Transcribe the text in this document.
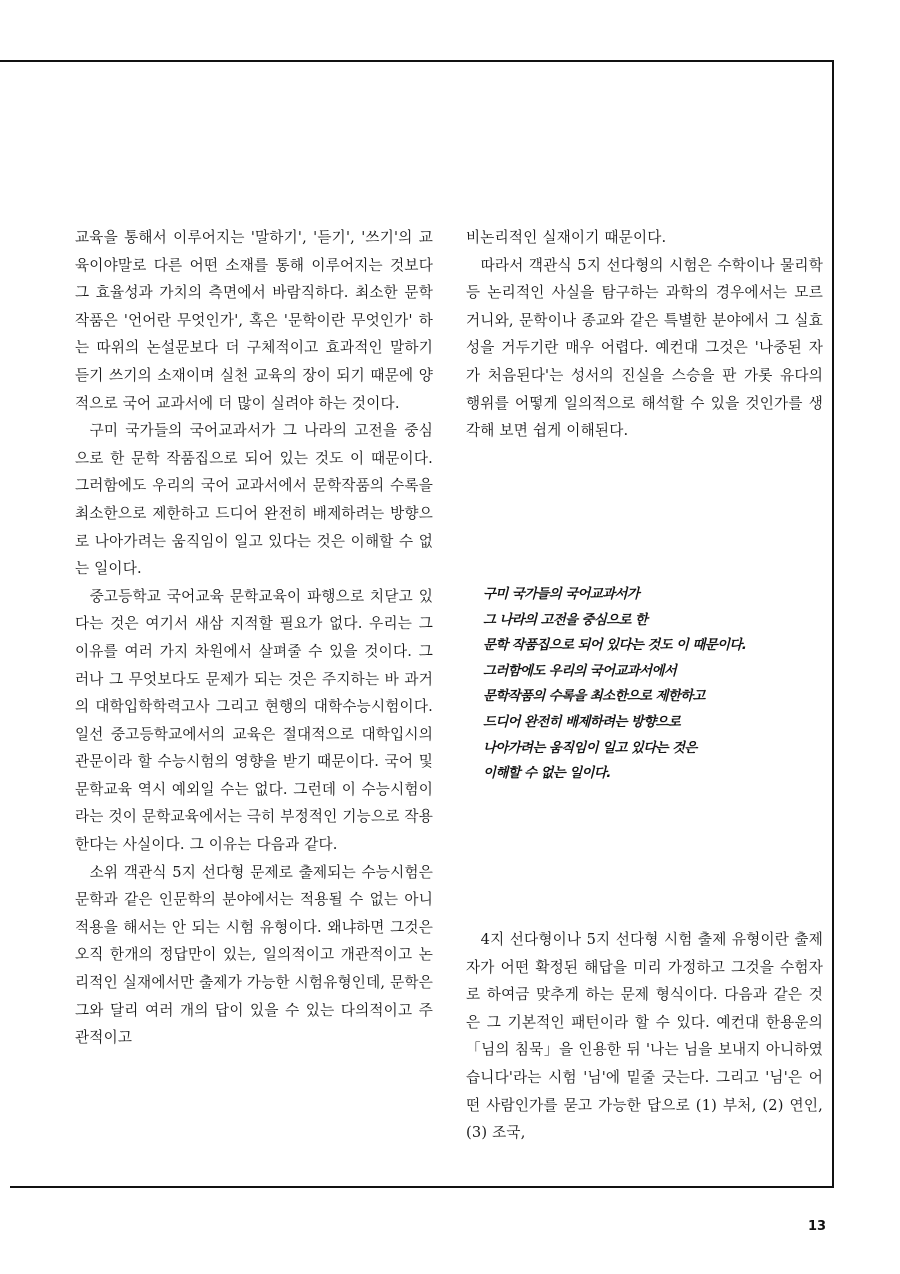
교육을 통해서 이루어지는 '말하기', '듣기', '쓰기'의 교육이야말로 다른 어떤 소재를 통해 이루어지는 것보다 그 효율성과 가치의 측면에서 바람직하다. 최소한 문학작품은 '언어란 무엇인가', 혹은 '문학이란 무엇인가' 하는 따위의 논설문보다 더 구체적이고 효과적인 말하기 듣기 쓰기의 소재이며 실천 교육의 장이 되기 때문에 양적으로 국어 교과서에 더 많이 실려야 하는 것이다.

구미 국가들의 국어교과서가 그 나라의 고전을 중심으로 한 문학 작품집으로 되어 있는 것도 이 때문이다. 그러함에도 우리의 국어 교과서에서 문학작품의 수록을 최소한으로 제한하고 드디어 완전히 배제하려는 방향으로 나아가려는 움직임이 일고 있다는 것은 이해할 수 없는 일이다.

중고등학교 국어교육 문학교육이 파행으로 치닫고 있다는 것은 여기서 새삼 지적할 필요가 없다. 우리는 그 이유를 여러 가지 차원에서 살펴줄 수 있을 것이다. 그러나 그 무엇보다도 문제가 되는 것은 주지하는 바 과거의 대학입학학력고사 그리고 현행의 대학수능시험이다. 일선 중고등학교에서의 교육은 절대적으로 대학입시의 관문이라 할 수능시험의 영향을 받기 때문이다. 국어 및 문학교육 역시 예외일 수는 없다. 그런데 이 수능시험이라는 것이 문학교육에서는 극히 부정적인 기능으로 작용한다는 사실이다. 그 이유는 다음과 같다.

소위 객관식 5지 선다형 문제로 출제되는 수능시험은 문학과 같은 인문학의 분야에서는 적용될 수 없는 아니 적용을 해서는 안 되는 시험 유형이다. 왜냐하면 그것은 오직 한개의 정답만이 있는, 일의적이고 개관적이고 논리적인 실재에서만 출제가 가능한 시험유형인데, 문학은 그와 달리 여러 개의 답이 있을 수 있는 다의적이고 주관적이고

비논리적인 실재이기 때문이다.

따라서 객관식 5지 선다형의 시험은 수학이나 물리학 등 논리적인 사실을 탐구하는 과학의 경우에서는 모르거니와, 문학이나 종교와 같은 특별한 분야에서 그 실효성을 거두기란 매우 어렵다. 예컨대 그것은 '나중된 자가 처음된다'는 성서의 진실을 스승을 판 가롯 유다의 행위를 어떻게 일의적으로 해석할 수 있을 것인가를 생각해 보면 쉽게 이해된다.

구미 국가들의 국어교과서가
그 나라의 고전을 중심으로 한
문학 작품집으로 되어 있다는 것도 이 때문이다.
그러함에도 우리의 국어교과서에서
문학작품의 수록을 최소한으로 제한하고
드디어 완전히 배제하려는 방향으로
나아가려는 움직임이 일고 있다는 것은
이해할 수 없는 일이다.

4지 선다형이나 5지 선다형 시험 출제 유형이란 출제자가 어떤 확정된 해답을 미리 가정하고 그것을 수험자로 하여금 맞추게 하는 문제 형식이다. 다음과 같은 것은 그 기본적인 패턴이라 할 수 있다. 예컨대 한용운의 「님의 침묵」을 인용한 뒤 '나는 님을 보내지 아니하였습니다'라는 시험 '님'에 밑줄 긋는다. 그리고 '님'은 어떤 사람인가를 묻고 가능한 답으로 (1) 부처, (2) 연인, (3) 조국,

13
